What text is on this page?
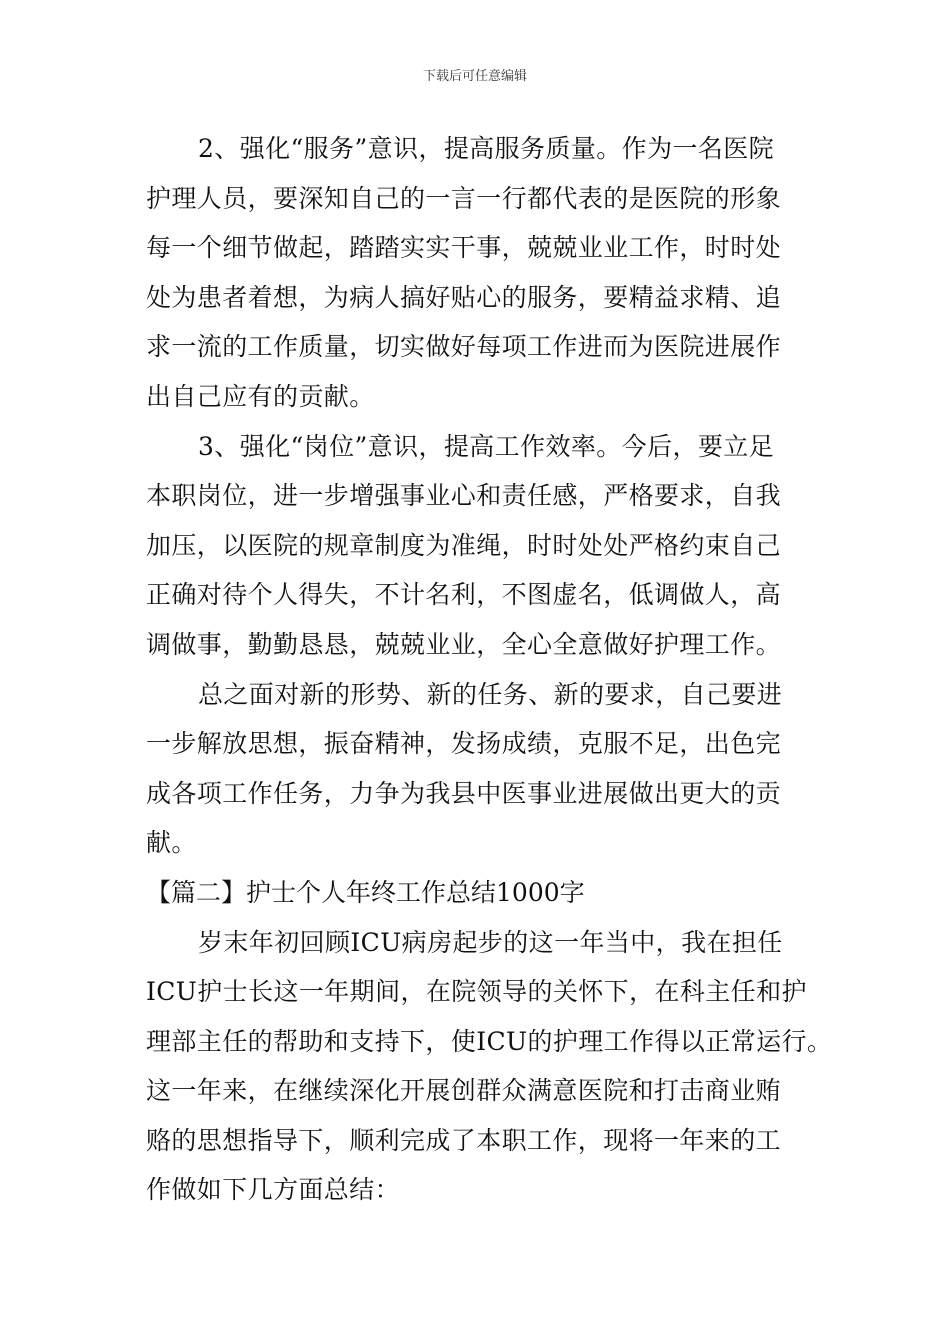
下载后可任意编辑
2、强化“服务”意识，提高服务质量。作为一名医院
护理人员，要深知自己的一言一行都代表的是医院的形象
每一个细节做起，踏踏实实干事，兢兢业业工作，时时处
处为患者着想，为病人搞好贴心的服务，要精益求精、追
求一流的工作质量，切实做好每项工作进而为医院进展作
出自己应有的贡献。
3、强化“岗位”意识，提高工作效率。今后，要立足
本职岗位，进一步增强事业心和责任感，严格要求，自我
加压，以医院的规章制度为准绳，时时处处严格约束自己
正确对待个人得失，不计名利，不图虚名，低调做人，高
调做事，勤勤恳恳，兢兢业业，全心全意做好护理工作。
总之面对新的形势、新的任务、新的要求，自己要进
一步解放思想，振奋精神，发扬成绩，克服不足，出色完
成各项工作任务，力争为我县中医事业进展做出更大的贡
献。
【篇二】护士个人年终工作总结1000字
岁末年初回顾ICU病房起步的这一年当中，我在担任
ICU护士长这一年期间，在院领导的关怀下，在科主任和护
理部主任的帮助和支持下，使ICU的护理工作得以正常运行。
这一年来，在继续深化开展创群众满意医院和打击商业贿
赂的思想指导下，顺利完成了本职工作，现将一年来的工
作做如下几方面总结：
